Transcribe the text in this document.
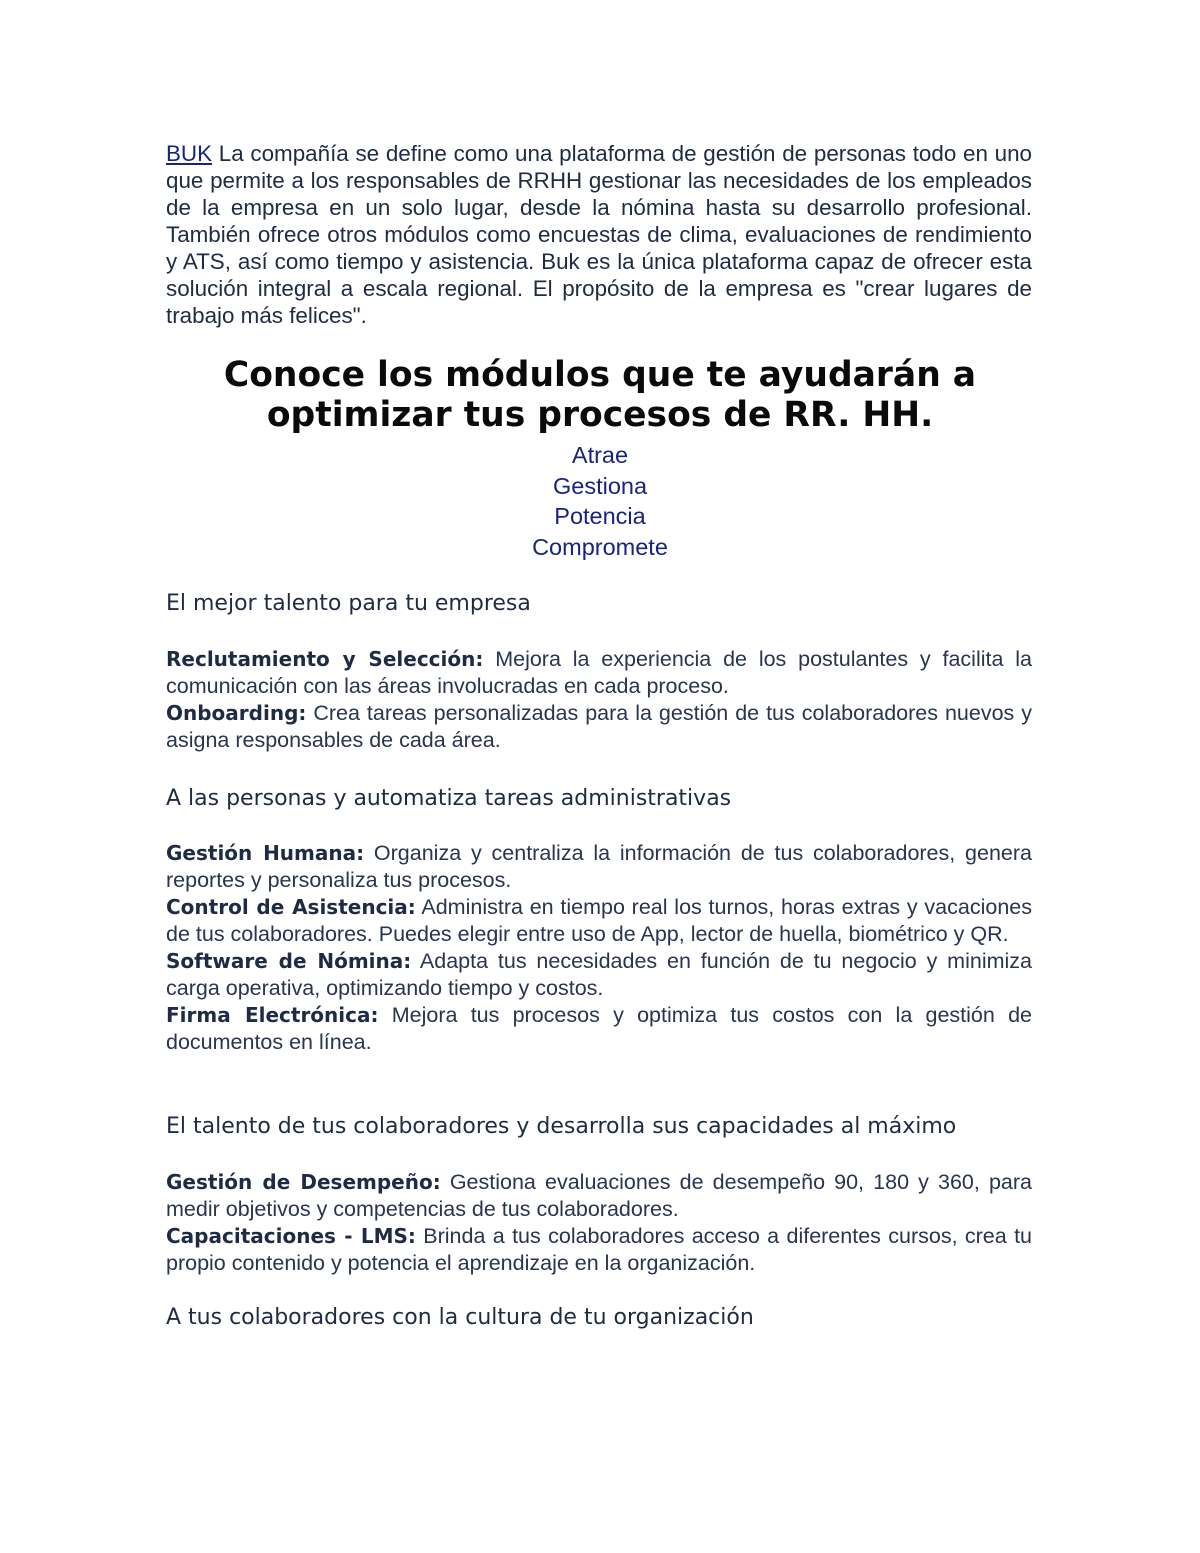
BUK La compañía se define como una plataforma de gestión de personas todo en uno que permite a los responsables de RRHH gestionar las necesidades de los empleados de la empresa en un solo lugar, desde la nómina hasta su desarrollo profesional. También ofrece otros módulos como encuestas de clima, evaluaciones de rendimiento y ATS, así como tiempo y asistencia. Buk es la única plataforma capaz de ofrecer esta solución integral a escala regional. El propósito de la empresa es "crear lugares de trabajo más felices".
Conoce los módulos que te ayudarán a
optimizar tus procesos de RR. HH.
Atrae
Gestiona
Potencia
Compromete
El mejor talento para tu empresa

Reclutamiento y Selección: Mejora la experiencia de los postulantes y facilita la comunicación con las áreas involucradas en cada proceso.

Onboarding: Crea tareas personalizadas para la gestión de tus colaboradores nuevos y asigna responsables de cada área.

A las personas y automatiza tareas administrativas

Gestión Humana: Organiza y centraliza la información de tus colaboradores, genera reportes y personaliza tus procesos.

Control de Asistencia: Administra en tiempo real los turnos, horas extras y vacaciones de tus colaboradores. Puedes elegir entre uso de App, lector de huella, biométrico y QR.

Software de Nómina: Adapta tus necesidades en función de tu negocio y minimiza carga operativa, optimizando tiempo y costos.

Firma Electrónica: Mejora tus procesos y optimiza tus costos con la gestión de documentos en línea.

El talento de tus colaboradores y desarrolla sus capacidades al máximo

Gestión de Desempeño: Gestiona evaluaciones de desempeño 90, 180 y 360, para medir objetivos y competencias de tus colaboradores.

Capacitaciones - LMS: Brinda a tus colaboradores acceso a diferentes cursos, crea tu propio contenido y potencia el aprendizaje en la organización.

A tus colaboradores con la cultura de tu organización
